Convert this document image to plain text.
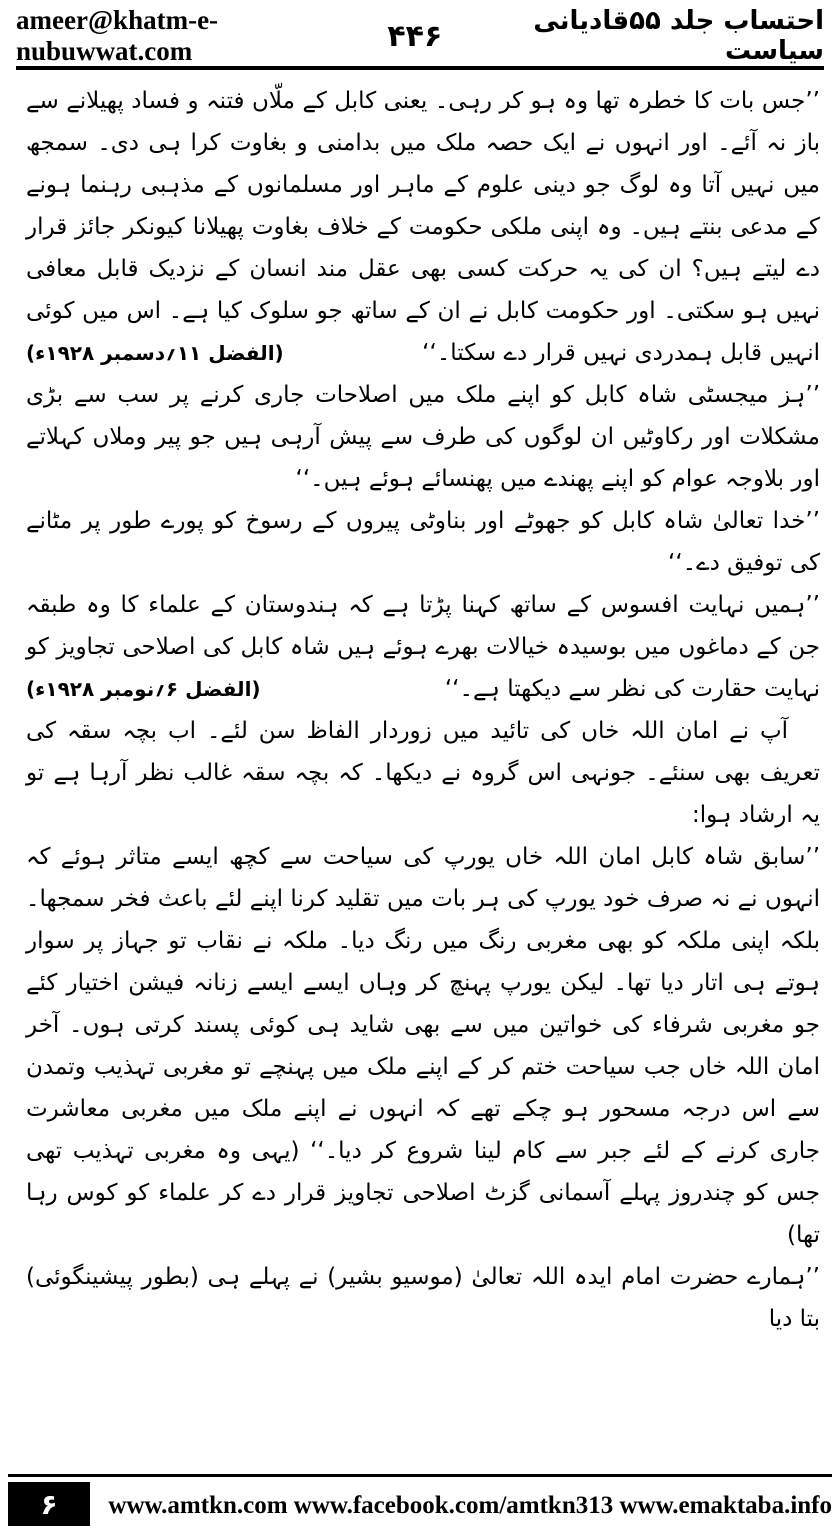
ameer@khatm-e-nubuwwat.com	۴۴۶	احتساب جلد ۵۵قادیانی سیاست

’’جس بات کا خطرہ تھا وہ ہو کر رہی۔ یعنی کابل کے ملّاں فتنہ و فساد پھیلانے سے باز نہ آئے۔ اور انہوں نے ایک حصہ ملک میں بدامنی و بغاوت کرا ہی دی۔ سمجھ میں نہیں آتا وہ لوگ جو دینی علوم کے ماہر اور مسلمانوں کے مذہبی رہنما ہونے کے مدعی بنتے ہیں۔ وہ اپنی ملکی حکومت کے خلاف بغاوت پھیلانا کیونکر جائز قرار دے لیتے ہیں؟ ان کی یہ حرکت کسی بھی عقل مند انسان کے نزدیک قابل معافی نہیں ہو سکتی۔ اور حکومت کابل نے ان کے ساتھ جو سلوک کیا ہے۔ اس میں کوئی انہیں قابل ہمدردی نہیں قرار دے سکتا۔‘‘
(الفضل ۱۱؍دسمبر ۱۹۲۸ء)

’’ہز میجسٹی شاہ کابل کو اپنے ملک میں اصلاحات جاری کرنے پر سب سے بڑی مشکلات اور رکاوٹیں ان لوگوں کی طرف سے پیش آرہی ہیں جو پیر وملاں کہلاتے اور بلاوجہ عوام کو اپنے پھندے میں پھنسائے ہوئے ہیں۔‘‘

’’خدا تعالیٰ شاہ کابل کو جھوٹے اور بناوٹی پیروں کے رسوخ کو پورے طور پر مٹانے کی توفیق دے۔‘‘

’’ہمیں نہایت افسوس کے ساتھ کہنا پڑتا ہے کہ ہندوستان کے علماء کا وہ طبقہ جن کے دماغوں میں بوسیدہ خیالات بھرے ہوئے ہیں شاہ کابل کی اصلاحی تجاویز کو نہایت حقارت کی نظر سے دیکھتا ہے۔‘‘
(الفضل ۶؍نومبر ۱۹۲۸ء)

آپ نے امان اللہ خاں کی تائید میں زوردار الفاظ سن لئے۔ اب بچہ سقہ کی تعریف بھی سنئے۔ جونہی اس گروہ نے دیکھا۔ کہ بچہ سقہ غالب نظر آرہا ہے تو یہ ارشاد ہوا:

’’سابق شاہ کابل امان اللہ خاں یورپ کی سیاحت سے کچھ ایسے متاثر ہوئے کہ انہوں نے نہ صرف خود یورپ کی ہر بات میں تقلید کرنا اپنے لئے باعث فخر سمجھا۔ بلکہ اپنی ملکہ کو بھی مغربی رنگ میں رنگ دیا۔ ملکہ نے نقاب تو جہاز پر سوار ہوتے ہی اتار دیا تھا۔ لیکن یورپ پہنچ کر وہاں ایسے ایسے زنانہ فیشن اختیار کئے جو مغربی شرفاء کی خواتین میں سے بھی شاید ہی کوئی پسند کرتی ہوں۔ آخر امان اللہ خاں جب سیاحت ختم کر کے اپنے ملک میں پہنچے تو مغربی تہذیب وتمدن سے اس درجہ مسحور ہو چکے تھے کہ انہوں نے اپنے ملک میں مغربی معاشرت جاری کرنے کے لئے جبر سے کام لینا شروع کر دیا۔‘‘ (یہی وہ مغربی تہذیب تھی جس کو چندروز پہلے آسمانی گزٹ اصلاحی تجاویز قرار دے کر علماء کو کوس رہا تھا)

’’ہمارے حضرت امام ایدہ اللہ تعالیٰ (موسیو بشیر) نے پہلے ہی (بطور پیشینگوئی) بتا دیا

۶	www.amtkn.com www.facebook.com/amtkn313 www.emaktaba.info
